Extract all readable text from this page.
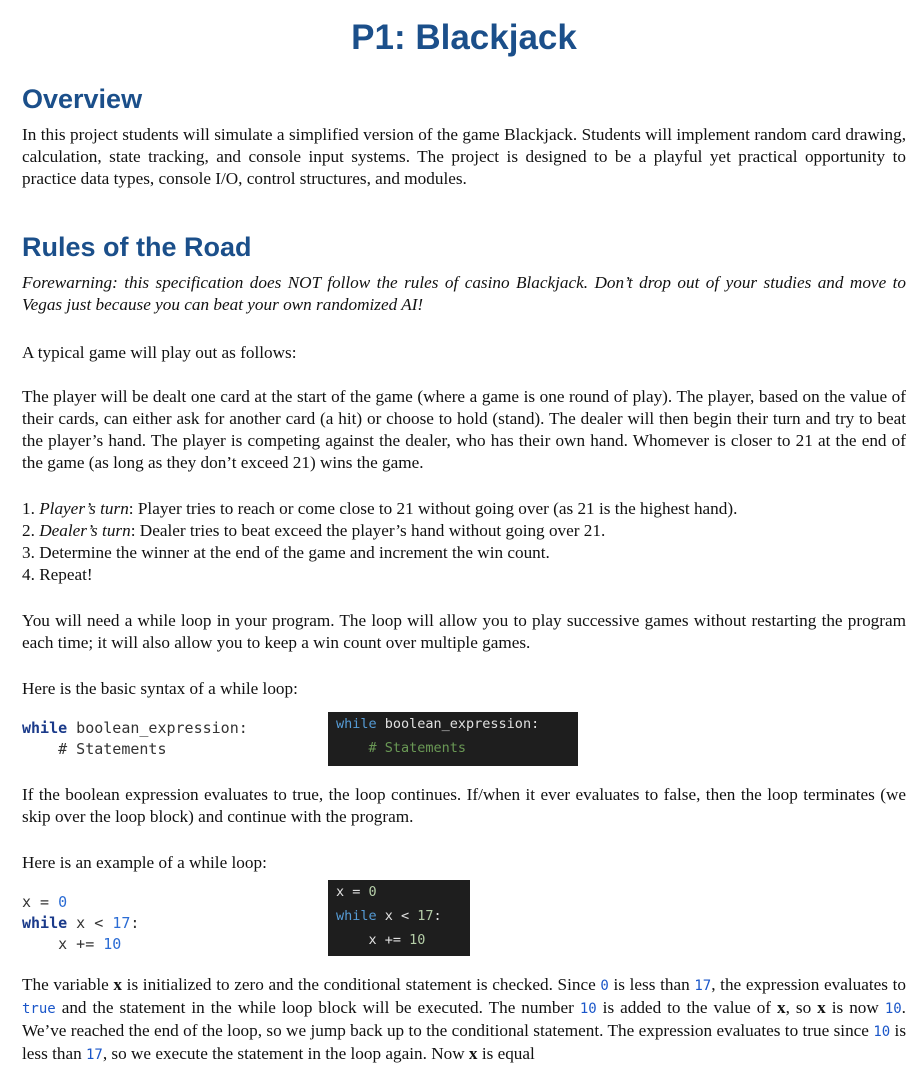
P1: Blackjack
Overview

In this project students will simulate a simplified version of the game Blackjack. Students will implement random card drawing, calculation, state tracking, and console input systems. The project is designed to be a playful yet practical opportunity to practice data types, console I/O, control structures, and modules.

Rules of the Road

Forewarning: this specification does NOT follow the rules of casino Blackjack. Don’t drop out of your studies and move to Vegas just because you can beat your own randomized AI!

A typical game will play out as follows:

The player will be dealt one card at the start of the game (where a game is one round of play). The player, based on the value of their cards, can either ask for another card (a hit) or choose to hold (stand). The dealer will then begin their turn and try to beat the player’s hand. The player is competing against the dealer, who has their own hand. Whomever is closer to 21 at the end of the game (as long as they don’t exceed 21) wins the game.

1. Player’s turn: Player tries to reach or come close to 21 without going over (as 21 is the highest hand).
2. Dealer’s turn: Dealer tries to beat exceed the player’s hand without going over 21.
3. Determine the winner at the end of the game and increment the win count.
4. Repeat!

You will need a while loop in your program. The loop will allow you to play successive games without restarting the program each time; it will also allow you to keep a win count over multiple games.

Here is the basic syntax of a while loop:

while boolean_expression:
# Statements
while boolean_expression:
# Statements

If the boolean expression evaluates to true, the loop continues. If/when it ever evaluates to false, then the loop terminates (we skip over the loop block) and continue with the program.

Here is an example of a while loop:

x = 0
while x < 17:
x += 10
x = 0
while x < 17:
x += 10

The variable x is initialized to zero and the conditional statement is checked. Since 0 is less than 17, the expression evaluates to true and the statement in the while loop block will be executed. The number 10 is added to the value of x, so x is now 10. We’ve reached the end of the loop, so we jump back up to the conditional statement. The expression evaluates to true since 10 is less than 17, so we execute the statement in the loop again. Now x is equal
